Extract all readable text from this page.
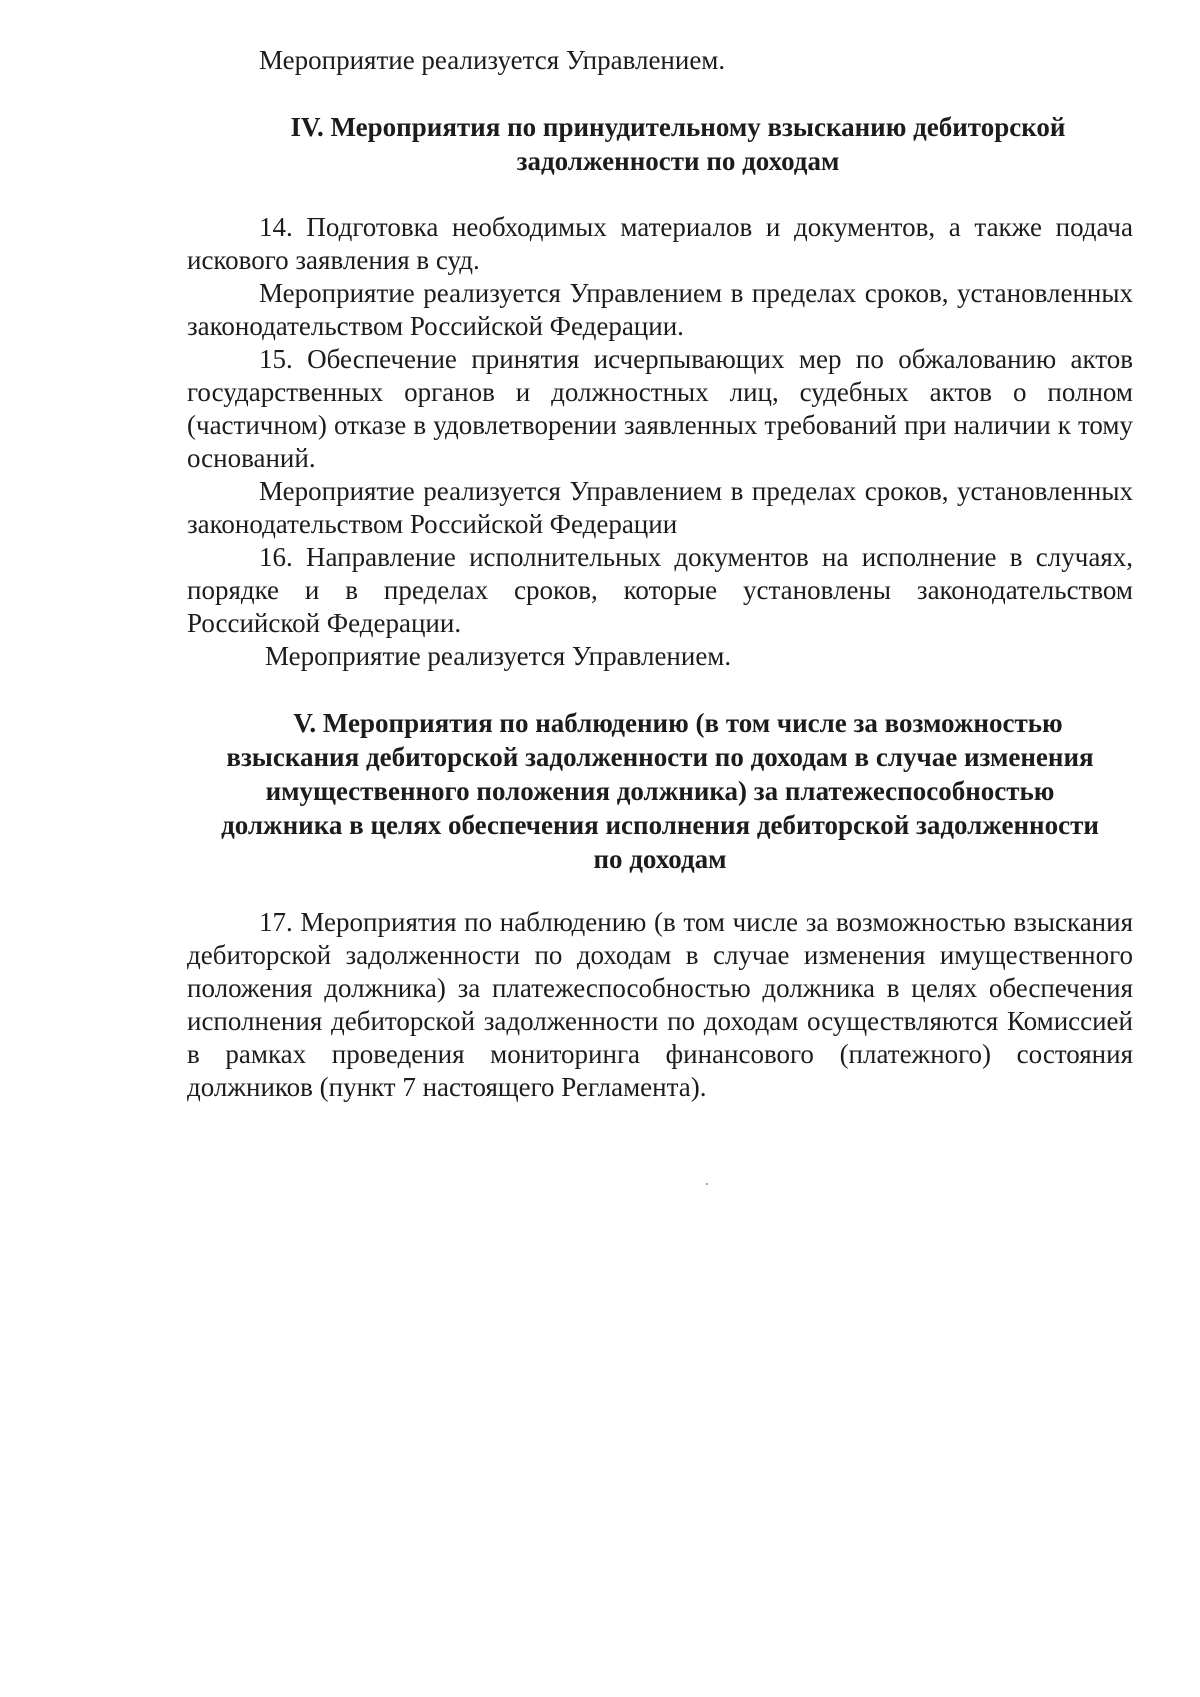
Мероприятие реализуется Управлением.

IV. Мероприятия по принудительному взысканию дебиторской
задолженности по доходам

14. Подготовка необходимых материалов и документов, а также подача искового заявления в суд.

Мероприятие реализуется Управлением в пределах сроков, установленных законодательством Российской Федерации.

15. Обеспечение принятия исчерпывающих мер по обжалованию актов государственных органов и должностных лиц, судебных актов о полном (частичном) отказе в удовлетворении заявленных требований при наличии к тому оснований.

Мероприятие реализуется Управлением в пределах сроков, установленных законодательством Российской Федерации

16. Направление исполнительных документов на исполнение в случаях, порядке и в пределах сроков, которые установлены законодательством Российской Федерации.

Мероприятие реализуется Управлением.

V. Мероприятия по наблюдению (в том числе за возможностью
взыскания дебиторской задолженности по доходам в случае изменения
имущественного положения должника) за платежеспособностью
должника в целях обеспечения исполнения дебиторской задолженности
по доходам

17. Мероприятия по наблюдению (в том числе за возможностью взыскания дебиторской задолженности по доходам в случае изменения имущественного положения должника) за платежеспособностью должника в целях обеспечения исполнения дебиторской задолженности по доходам осуществляются Комиссией в рамках проведения мониторинга финансового (платежного) состояния должников (пункт 7 настоящего Регламента).
